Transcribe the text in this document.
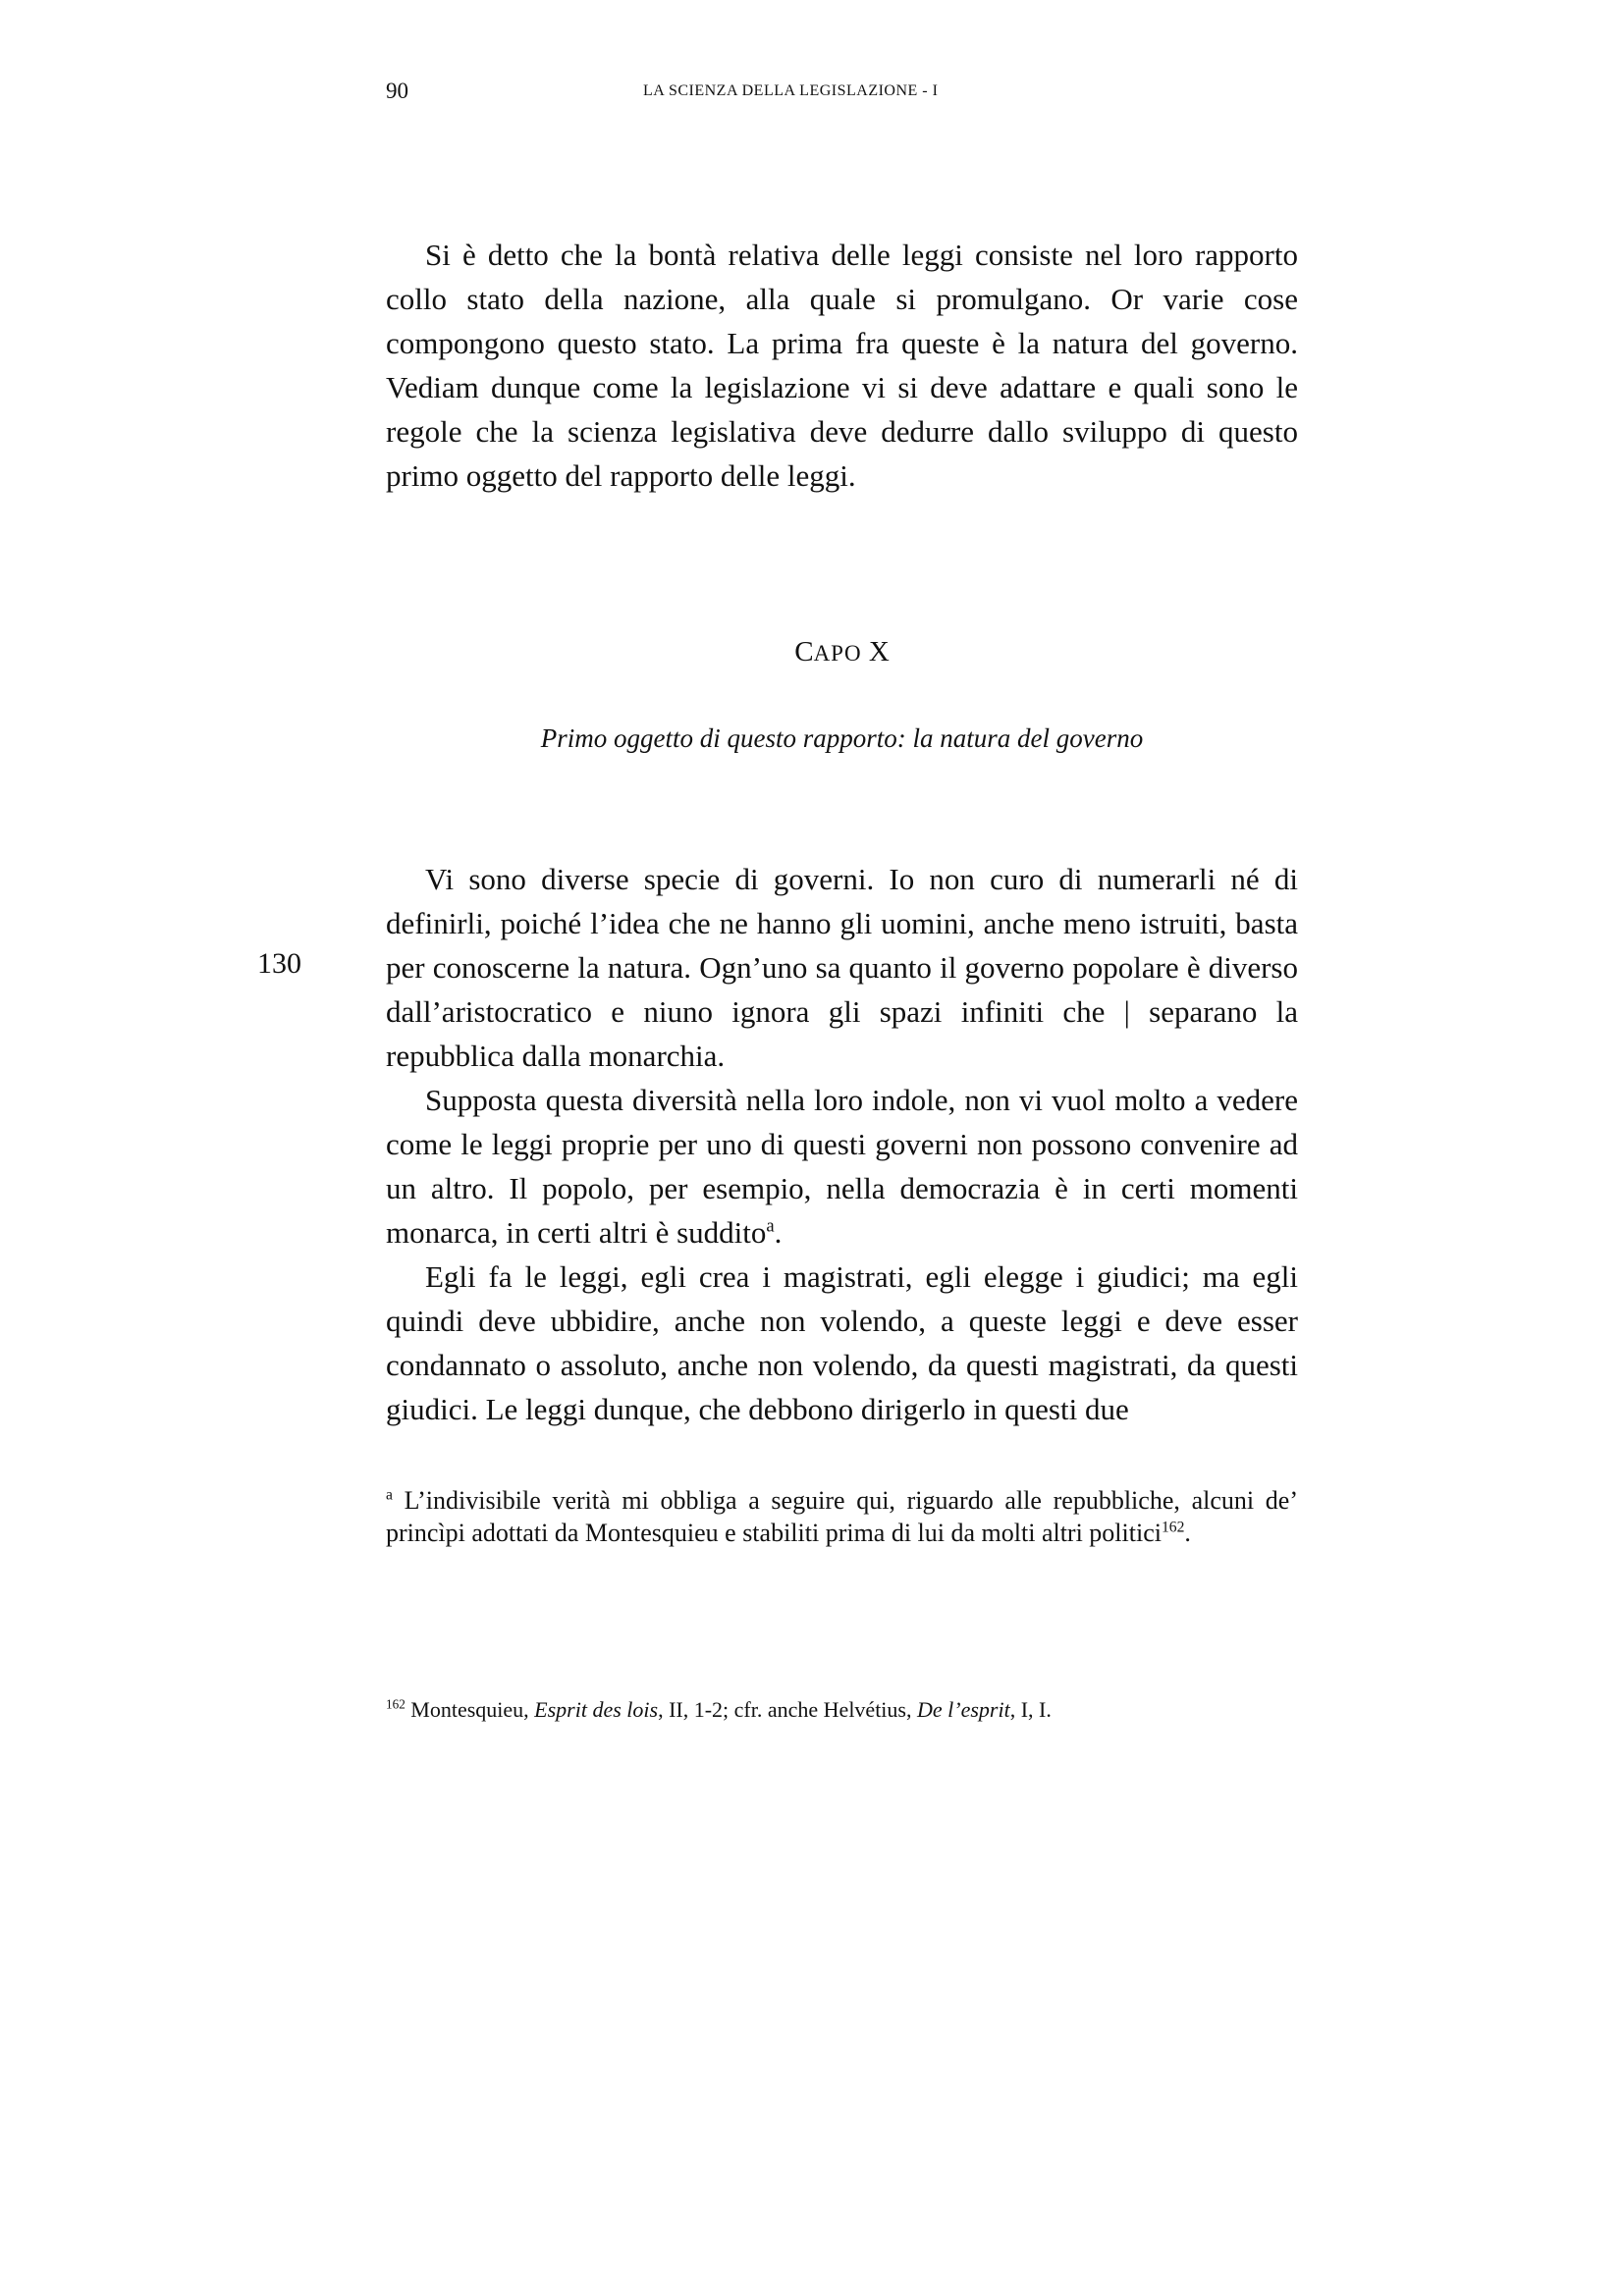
90	LA SCIENZA DELLA LEGISLAZIONE - I

Si è detto che la bontà relativa delle leggi consiste nel loro rapporto collo stato della nazione, alla quale si promulgano. Or varie cose compongono questo stato. La prima fra queste è la natura del governo. Vediam dunque come la legislazione vi si deve adattare e quali sono le regole che la scienza legislativa deve dedurre dallo sviluppo di questo primo oggetto del rapporto delle leggi.

CAPO X
Primo oggetto di questo rapporto: la natura del governo
130

Vi sono diverse specie di governi. Io non curo di numerarli né di definirli, poiché l’idea che ne hanno gli uomini, anche meno istruiti, basta per conoscerne la natura. Ogn’uno sa quanto il governo popolare è diverso dall’aristocratico e niuno ignora gli spazi infiniti che | separano la repubblica dalla monarchia.

Supposta questa diversità nella loro indole, non vi vuol molto a vedere come le leggi proprie per uno di questi governi non possono convenire ad un altro. Il popolo, per esempio, nella democrazia è in certi momenti monarca, in certi altri è suddito$^a$.

Egli fa le leggi, egli crea i magistrati, egli elegge i giudici; ma egli quindi deve ubbidire, anche non volendo, a queste leggi e deve esser condannato o assoluto, anche non volendo, da questi magistrati, da questi giudici. Le leggi dunque, che debbono dirigerlo in questi due

$^a$ L’indivisibile verità mi obbliga a seguire qui, riguardo alle repubbliche, alcuni de’ princìpi adottati da Montesquieu e stabiliti prima di lui da molti altri politici$^{162}$.

$^{162}$ Montesquieu, Esprit des lois, II, 1-2; cfr. anche Helvétius, De l’esprit, I, I.
